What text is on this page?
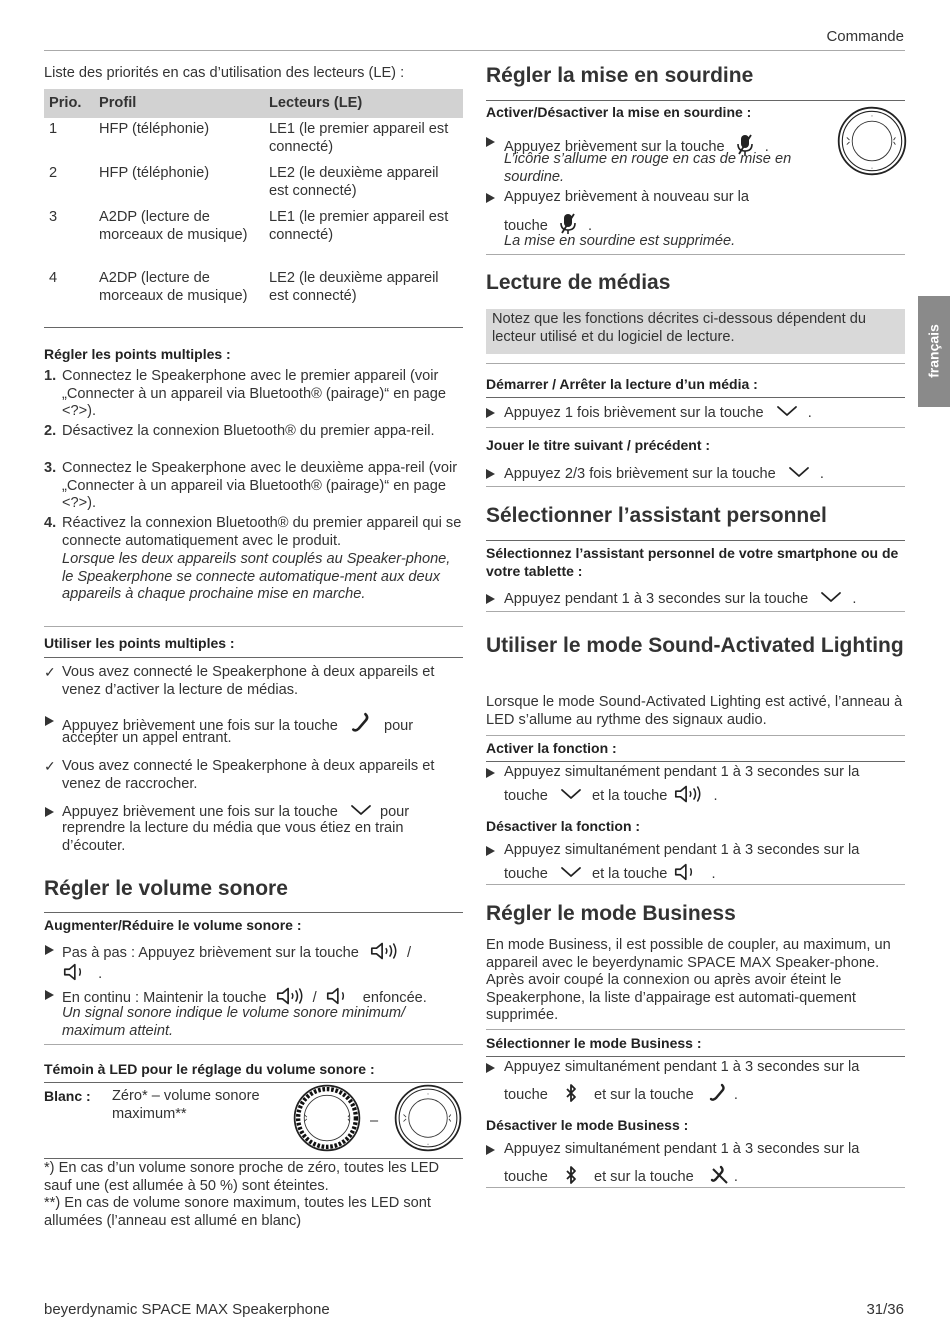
Commande
français
Liste des priorités en cas d’utilisation des lecteurs (LE) :
Prio.	Profil	Lecteurs (LE)
1	HFP (téléphonie)	LE1 (le premier appareil est connecté)
2	HFP (téléphonie)	LE2 (le deuxième appareil est connecté)
3	A2DP (lecture de morceaux de musique)	LE1 (le premier appareil est connecté)
4	A2DP (lecture de morceaux de musique)	LE2 (le deuxième appareil est connecté)
Régler les points multiples :
1. Connectez le Speakerphone avec le premier appareil (voir „Connecter à un appareil via Bluetooth® (pairage)“ en page <?>).
2. Désactivez la connexion Bluetooth® du premier appa-reil.
3. Connectez le Speakerphone avec le deuxième appa-reil (voir „Connecter à un appareil via Bluetooth® (pairage)“ en page <?>).
4. Réactivez la connexion Bluetooth® du premier appareil qui se connecte automatiquement avec le produit.
Lorsque les deux appareils sont couplés au Speaker-phone, le Speakerphone se connecte automatique-ment aux deux appareils à chaque prochaine mise en marche.
Utiliser les points multiples :
✓ Vous avez connecté le Speakerphone à deux appareils et venez d’activer la lecture de médias.
Appuyez brièvement une fois sur la touche	pour
accepter un appel entrant.
✓ Vous avez connecté le Speakerphone à deux appareils et venez de raccrocher.
Appuyez brièvement une fois sur la touche	pour
reprendre la lecture du média que vous étiez en train d’écouter.
Régler le volume sonore
Augmenter/Réduire le volume sonore :
Pas à pas : Appuyez brièvement sur la touche	/
.
En continu : Maintenir la touche	/	enfoncée.
Un signal sonore indique le volume sonore minimum/ maximum atteint.
Témoin à LED pour le réglage du volume sonore :
Blanc : Zéro* – volume sonore maximum**	–
*) En cas d’un volume sonore proche de zéro, toutes les LED sauf une (est allumée à 50 %) sont éteintes.
**) En cas de volume sonore maximum, toutes les LED sont allumées (l’anneau est allumé en blanc)
Régler la mise en sourdine
Activer/Désactiver la mise en sourdine :
Appuyez brièvement sur la touche	.
L’icône s’allume en rouge en cas de mise en sourdine.
Appuyez brièvement à nouveau sur la
touche	.
La mise en sourdine est supprimée.
Lecture de médias
Notez que les fonctions décrites ci-dessous dépendent du lecteur utilisé et du logiciel de lecture.
Démarrer / Arrêter la lecture d’un média :
Appuyez 1 fois brièvement sur la touche	.
Jouer le titre suivant / précédent :
Appuyez 2/3 fois brièvement sur la touche	.
Sélectionner l’assistant personnel
Sélectionnez l’assistant personnel de votre smartphone ou de votre tablette :
Appuyez pendant 1 à 3 secondes sur la touche	.
Utiliser le mode Sound-Activated Lighting
Lorsque le mode Sound-Activated Lighting est activé, l’anneau à LED s’allume au rythme des signaux audio.
Activer la fonction :
Appuyez simultanément pendant 1 à 3 secondes sur la
touche	et la touche	.
Désactiver la fonction :
Appuyez simultanément pendant 1 à 3 secondes sur la
touche	et la touche	.
Régler le mode Business
En mode Business, il est possible de coupler, au maximum, un appareil avec le beyerdynamic SPACE MAX Speaker-phone. Après avoir coupé la connexion ou après avoir éteint le Speakerphone, la liste d’appairage est automati-quement supprimée.
Sélectionner le mode Business :
Appuyez simultanément pendant 1 à 3 secondes sur la
touche	et sur la touche	.
Désactiver le mode Business :
Appuyez simultanément pendant 1 à 3 secondes sur la
touche	et sur la touche	.
beyerdynamic SPACE MAX Speakerphone	31/36
